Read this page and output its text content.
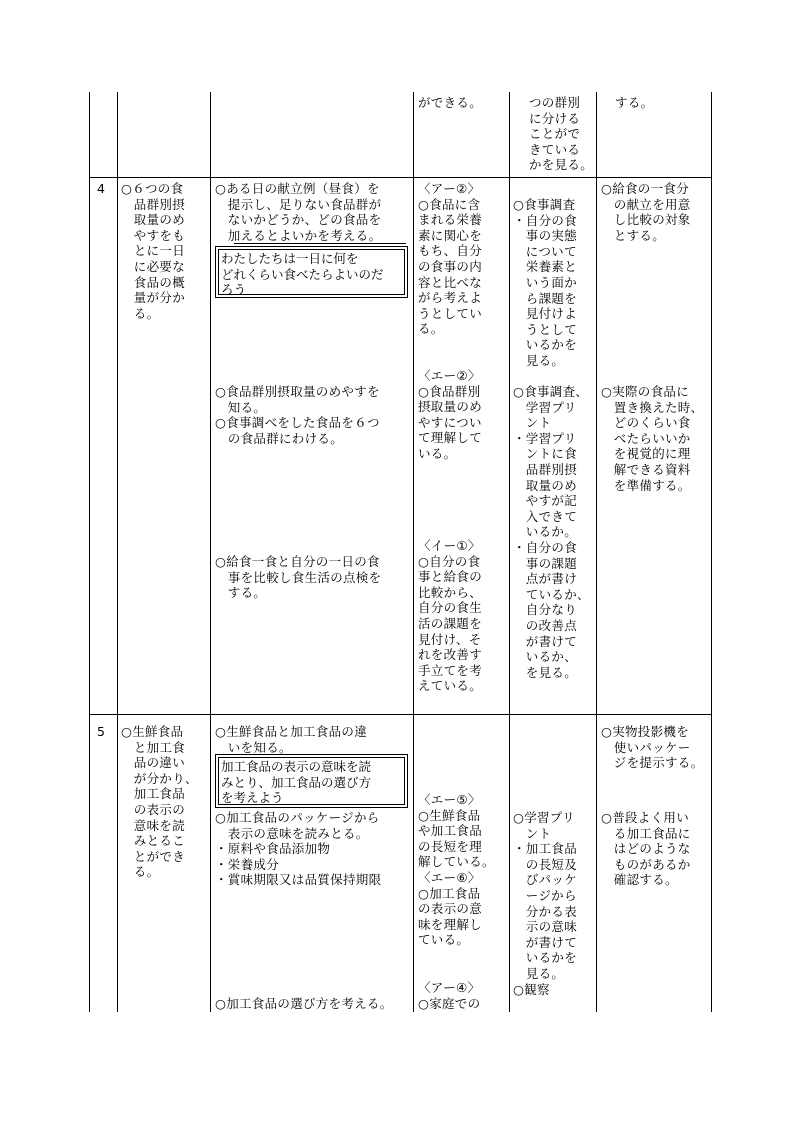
ができる。	つの群別
に分ける
ことがで
きている
かを見る。
する。
4 ○６つの食
　品群別摂
　取量のめ
　やすをも
　とに一日
　に必要な
　食品の概
　量が分か
　る。
○ある日の献立例（昼食）を
　提示し、足りない食品群が
　ないかどうか、どの食品を
　加えるとよいかを考える。
わたしたちは一日に何を
どれくらい食べたらよいのだ
ろう
○食品群別摂取量のめやすを
　知る。
○食事調べをした食品を６つ
　の食品群にわける。
○給食一食と自分の一日の食
　事を比較し食生活の点検を
　する。
〈アー②〉
○食品に含
まれる栄養
素に関心を
もち、自分
の食事の内
容と比べな
がら考えよ
うとしてい
る。
〈エー②〉
○食品群別
摂取量のめ
やすについ
て理解して
いる。
〈イー①〉
○自分の食
事と給食の
比較から、
自分の食生
活の課題を
見付け、そ
れを改善す
手立てを考
えている。
○食事調査
・自分の食
　事の実態
　について
　栄養素と
　いう面か
　ら課題を
　見付けよ
　うとして
　いるかを
　見る。
○食事調査、
　学習プリ
　ント
・学習プリ
　ントに食
　品群別摂
　取量のめ
　やすが記
　入できて
　いるか。
・自分の食
　事の課題
　点が書け
　ているか、
　自分なり
　の改善点
　が書けて
　いるか、
　を見る。
○給食の一食分
　の献立を用意
　し比較の対象
　とする。
○実際の食品に
　置き換えた時、
　どのくらい食
　べたらいいか
　を視覚的に理
　解できる資料
　を準備する。
5 ○生鮮食品
　と加工食
　品の違い
　が分かり、
　加工食品
　の表示の
　意味を読
　みとるこ
　とができ
　る。
○生鮮食品と加工食品の違
　いを知る。
加工食品の表示の意味を読
みとり、加工食品の選び方
を考えよう
○加工食品のパッケージから
　表示の意味を読みとる。
・原料や食品添加物
・栄養成分
・賞味期限又は品質保持期限
○加工食品の選び方を考える。
〈エー⑤〉
○生鮮食品
や加工食品
の長短を理
解している。
〈エー⑥〉
○加工食品
の表示の意
味を理解し
ている。
〈アー④〉
○家庭での
○学習プリ
　ント
・加工食品
　の長短及
　びパッケ
　ージから
　分かる表
　示の意味
　が書けて
　いるかを
　見る。
○観察
○実物投影機を
　使いパッケー
　ジを提示する。
○普段よく用い
　る加工食品に
　はどのような
　ものがあるか
　確認する。
